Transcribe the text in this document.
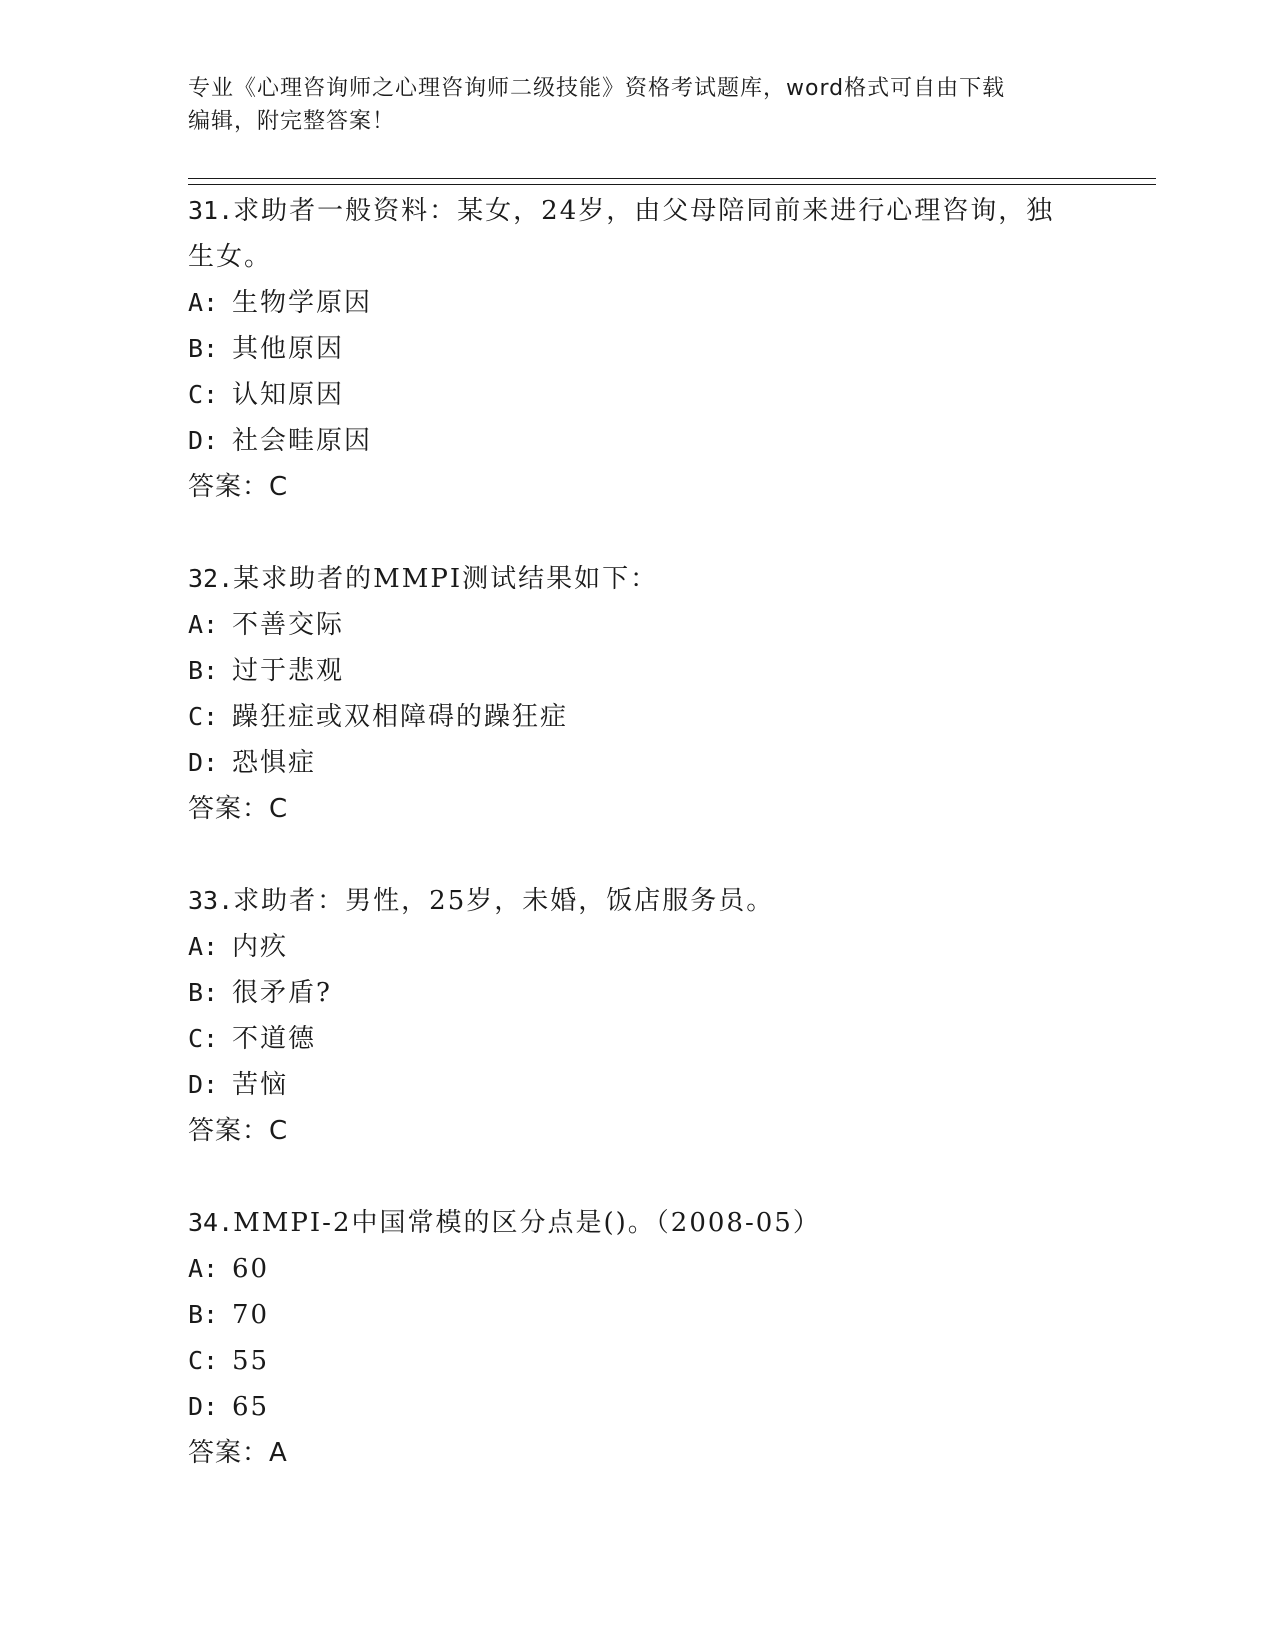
专业《心理咨询师之心理咨询师二级技能》资格考试题库，word格式可自由下载
编辑，附完整答案！
31.求助者一般资料：某女，24岁，由父母陪同前来进行心理咨询，独
生女。
A: 生物学原因
B: 其他原因
C: 认知原因
D: 社会畦原因
答案：C
32.某求助者的MMPI测试结果如下：
A: 不善交际
B: 过于悲观
C: 躁狂症或双相障碍的躁狂症
D: 恐惧症
答案：C
33.求助者：男性，25岁，未婚，饭店服务员。
A: 内疚
B: 很矛盾?
C: 不道德
D: 苦恼
答案：C
34.MMPI-2中国常模的区分点是()。（2008-05）
A: 60
B: 70
C: 55
D: 65
答案：A
